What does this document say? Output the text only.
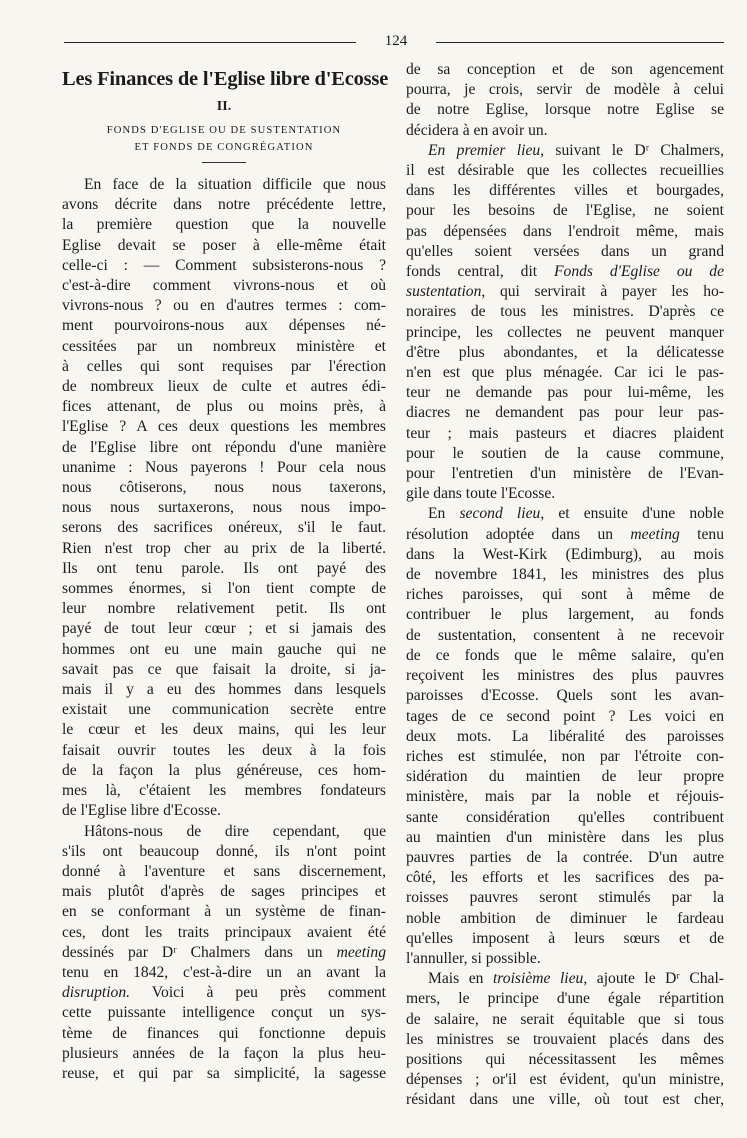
124
Les Finances de l'Eglise libre d'Ecosse
II.
FONDS D'EGLISE OU DE SUSTENTATION
ET FONDS DE CONGRÉGATION
En face de la situation difficile que nous
avons décrite dans notre précédente lettre,
la première question que la nouvelle
Eglise devait se poser à elle-même était
celle-ci : — Comment subsisterons-nous ?
c'est-à-dire comment vivrons-nous et où
vivrons-nous ? ou en d'autres termes : com-
ment pourvoirons-nous aux dépenses né-
cessitées par un nombreux ministère et
à celles qui sont requises par l'érection
de nombreux lieux de culte et autres édi-
fices attenant, de plus ou moins près, à
l'Eglise ? A ces deux questions les membres
de l'Eglise libre ont répondu d'une manière
unanime : Nous payerons ! Pour cela nous
nous côtiserons, nous nous taxerons,
nous nous surtaxerons, nous nous impo-
serons des sacrifices onéreux, s'il le faut.
Rien n'est trop cher au prix de la liberté.
Ils ont tenu parole. Ils ont payé des
sommes énormes, si l'on tient compte de
leur nombre relativement petit. Ils ont
payé de tout leur cœur ; et si jamais des
hommes ont eu une main gauche qui ne
savait pas ce que faisait la droite, si ja-
mais il y a eu des hommes dans lesquels
existait une communication secrète entre
le cœur et les deux mains, qui les leur
faisait ouvrir toutes les deux à la fois
de la façon la plus généreuse, ces hom-
mes là, c'étaient les membres fondateurs
de l'Eglise libre d'Ecosse.
Hâtons-nous de dire cependant, que
s'ils ont beaucoup donné, ils n'ont point
donné à l'aventure et sans discernement,
mais plutôt d'après de sages principes et
en se conformant à un système de finan-
ces, dont les traits principaux avaient été
dessinés par Dʳ Chalmers dans un meeting
tenu en 1842, c'est-à-dire un an avant la
disruption. Voici à peu près comment
cette puissante intelligence conçut un sys-
tème de finances qui fonctionne depuis
plusieurs années de la façon la plus heu-
reuse, et qui par sa simplicité, la sagesse
de sa conception et de son agencement
pourra, je crois, servir de modèle à celui
de notre Eglise, lorsque notre Eglise se
décidera à en avoir un.
En premier lieu, suivant le Dʳ Chalmers,
il est désirable que les collectes recueillies
dans les différentes villes et bourgades,
pour les besoins de l'Eglise, ne soient
pas dépensées dans l'endroit même, mais
qu'elles soient versées dans un grand
fonds central, dit Fonds d'Eglise ou de
sustentation, qui servirait à payer les ho-
noraires de tous les ministres. D'après ce
principe, les collectes ne peuvent manquer
d'être plus abondantes, et la délicatesse
n'en est que plus ménagée. Car ici le pas-
teur ne demande pas pour lui-même, les
diacres ne demandent pas pour leur pas-
teur ; mais pasteurs et diacres plaident
pour le soutien de la cause commune,
pour l'entretien d'un ministère de l'Evan-
gile dans toute l'Ecosse.
En second lieu, et ensuite d'une noble
résolution adoptée dans un meeting tenu
dans la West-Kirk (Edimburg), au mois
de novembre 1841, les ministres des plus
riches paroisses, qui sont à même de
contribuer le plus largement, au fonds
de sustentation, consentent à ne recevoir
de ce fonds que le même salaire, qu'en
reçoivent les ministres des plus pauvres
paroisses d'Ecosse. Quels sont les avan-
tages de ce second point ? Les voici en
deux mots. La libéralité des paroisses
riches est stimulée, non par l'étroite con-
sidération du maintien de leur propre
ministère, mais par la noble et réjouis-
sante considération qu'elles contribuent
au maintien d'un ministère dans les plus
pauvres parties de la contrée. D'un autre
côté, les efforts et les sacrifices des pa-
roisses pauvres seront stimulés par la
noble ambition de diminuer le fardeau
qu'elles imposent à leurs sœurs et de
l'annuller, si possible.
Mais en troisième lieu, ajoute le Dʳ Chal-
mers, le principe d'une égale répartition
de salaire, ne serait équitable que si tous
les ministres se trouvaient placés dans des
positions qui nécessitassent les mêmes
dépenses ; or'il est évident, qu'un ministre,
résidant dans une ville, où tout est cher,
